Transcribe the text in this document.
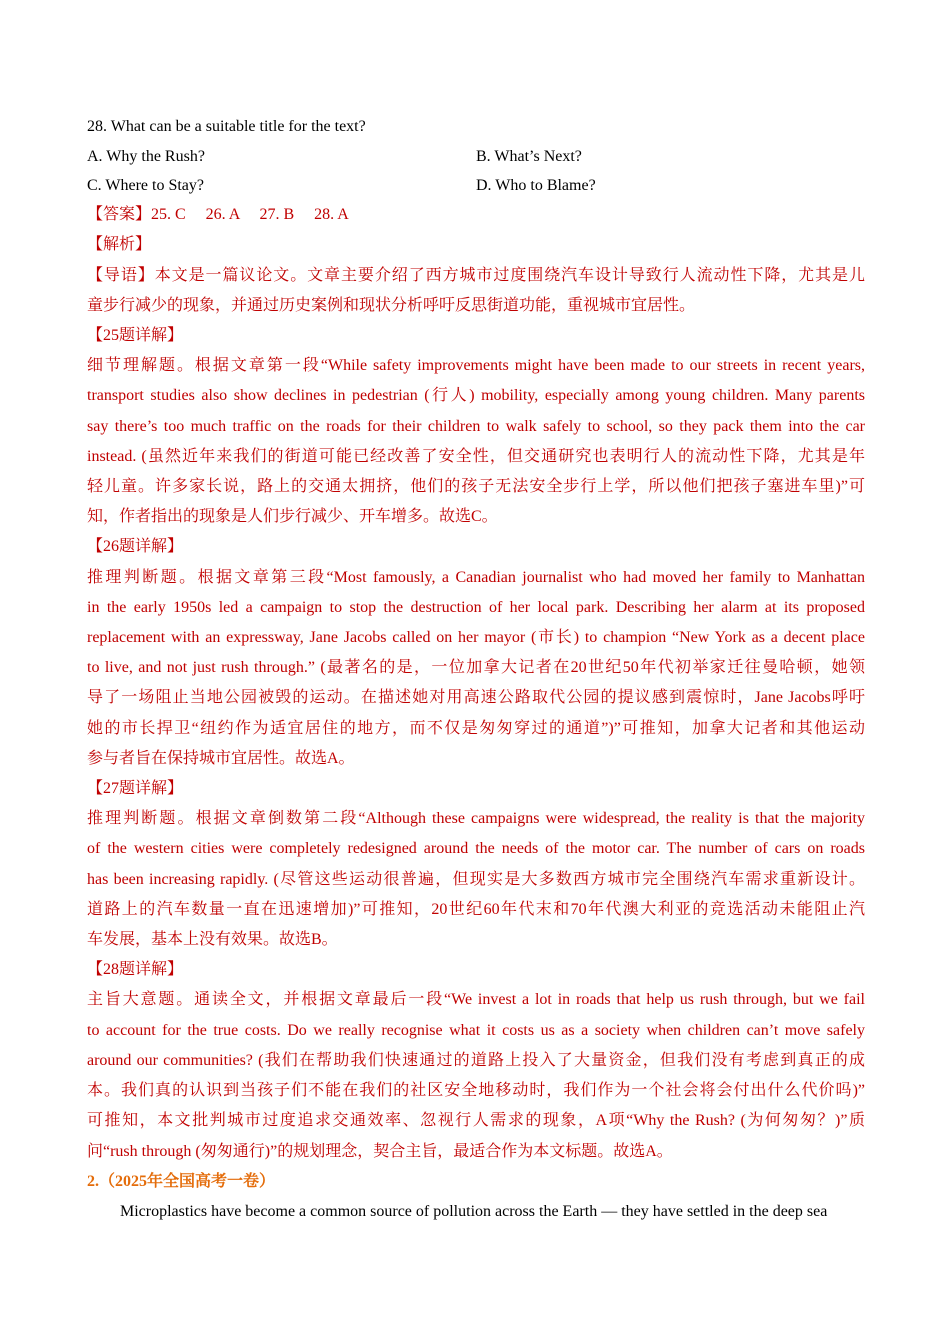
28. What can be a suitable title for the text?
A. Why the Rush?	B. What’s Next?
C. Where to Stay?	D. Who to Blame?
【答案】25. C　 26. A　 27. B　 28. A
【解析】
【导语】本文是一篇议论文。文章主要介绍了西方城市过度围绕汽车设计导致行人流动性下降，尤其是儿
童步行减少的现象，并通过历史案例和现状分析呼吁反思街道功能，重视城市宜居性。
【25题详解】
细节理解题。根据文章第一段“While safety improvements might have been made to our streets in recent years,
transport studies also show declines in pedestrian (行人) mobility, especially among young children. Many parents
say there’s too much traffic on the roads for their children to walk safely to school, so they pack them into the car
instead. (虽然近年来我们的街道可能已经改善了安全性，但交通研究也表明行人的流动性下降，尤其是年
轻儿童。许多家长说，路上的交通太拥挤，他们的孩子无法安全步行上学，所以他们把孩子塞进车里)”可
知，作者指出的现象是人们步行减少、开车增多。故选C。
【26题详解】
推理判断题。根据文章第三段“Most famously, a Canadian journalist who had moved her family to Manhattan
in the early 1950s led a campaign to stop the destruction of her local park. Describing her alarm at its proposed
replacement with an expressway, Jane Jacobs called on her mayor (市长) to champion “New York as a decent place
to live, and not just rush through.” (最著名的是，一位加拿大记者在20世纪50年代初举家迁往曼哈顿，她领
导了一场阻止当地公园被毁的运动。在描述她对用高速公路取代公园的提议感到震惊时，Jane Jacobs呼吁
她的市长捍卫“纽约作为适宜居住的地方，而不仅是匆匆穿过的通道”)”可推知，加拿大记者和其他运动
参与者旨在保持城市宜居性。故选A。
【27题详解】
推理判断题。根据文章倒数第二段“Although these campaigns were widespread, the reality is that the majority
of the western cities were completely redesigned around the needs of the motor car. The number of cars on roads
has been increasing rapidly. (尽管这些运动很普遍，但现实是大多数西方城市完全围绕汽车需求重新设计。
道路上的汽车数量一直在迅速增加)”可推知，20世纪60年代末和70年代澳大利亚的竞选活动未能阻止汽
车发展，基本上没有效果。故选B。
【28题详解】
主旨大意题。通读全文，并根据文章最后一段“We invest a lot in roads that help us rush through, but we fail
to account for the true costs. Do we really recognise what it costs us as a society when children can’t move safely
around our communities? (我们在帮助我们快速通过的道路上投入了大量资金，但我们没有考虑到真正的成
本。我们真的认识到当孩子们不能在我们的社区安全地移动时，我们作为一个社会将会付出什么代价吗)”
可推知，本文批判城市过度追求交通效率、忽视行人需求的现象，A项“Why the Rush? (为何匆匆？)”质
问“rush through (匆匆通行)”的规划理念，契合主旨，最适合作为本文标题。故选A。
2.（2025年全国高考一卷）
Microplastics have become a common source of pollution across the Earth — they have settled in the deep sea
